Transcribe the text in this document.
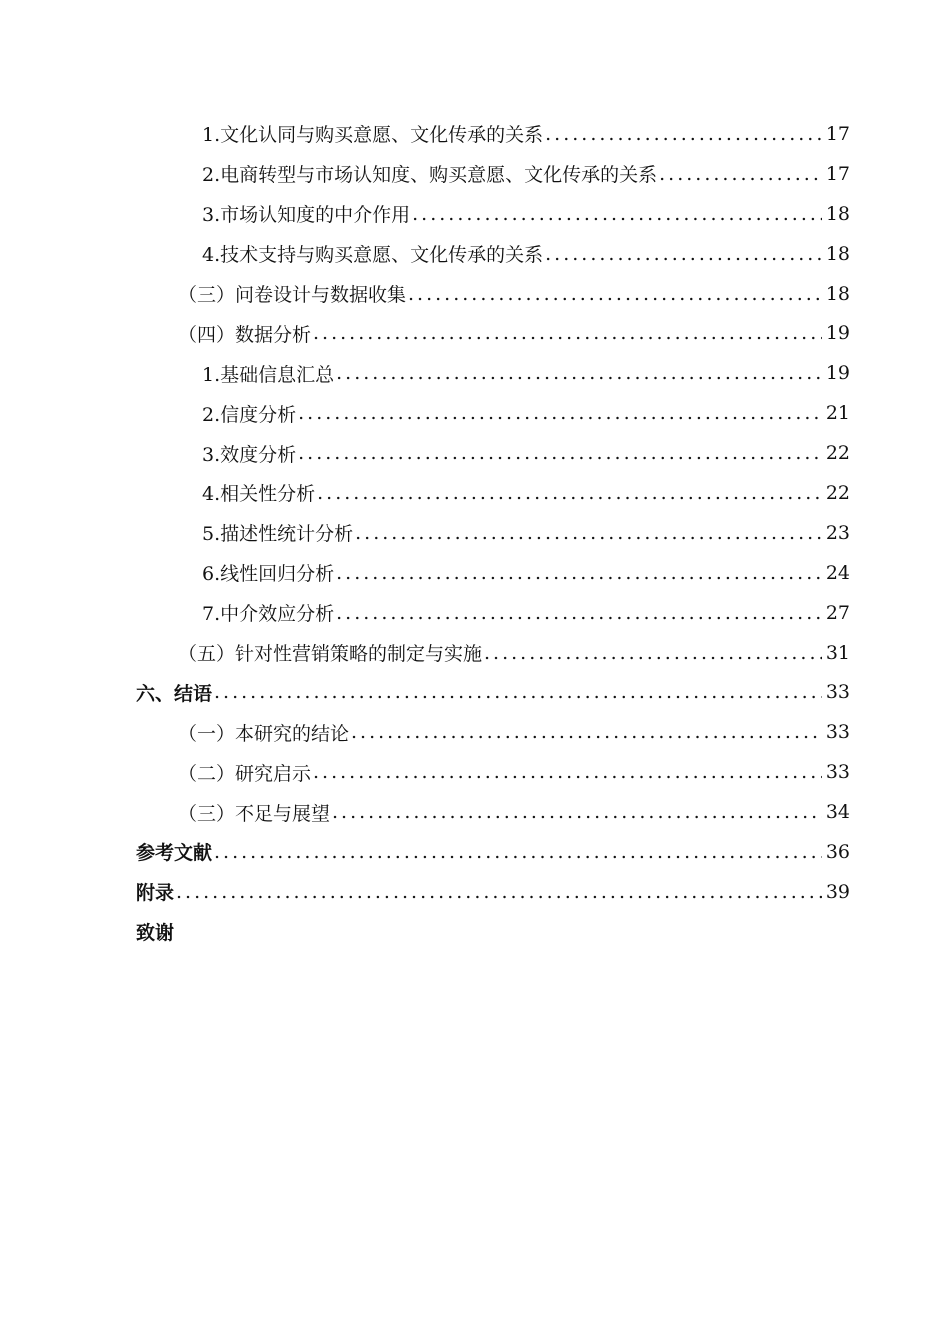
1.文化认同与购买意愿、文化传承的关系 .....	17
2.电商转型与市场认知度、购买意愿、文化传承的关系 .....	17
3.市场认知度的中介作用 .....	18
4.技术支持与购买意愿、文化传承的关系 .....	18
（三）问卷设计与数据收集 .....	18
（四）数据分析 .....	19
1.基础信息汇总 .....	19
2.信度分析 .....	21
3.效度分析 .....	22
4.相关性分析 .....	22
5.描述性统计分析 .....	23
6.线性回归分析 .....	24
7.中介效应分析 .....	27
（五）针对性营销策略的制定与实施 .....	31
六、结语 .....	33
（一）本研究的结论 .....	33
（二）研究启示 .....	33
（三）不足与展望 .....	34
参考文献 .....	36
附录 .....	39
致谢
